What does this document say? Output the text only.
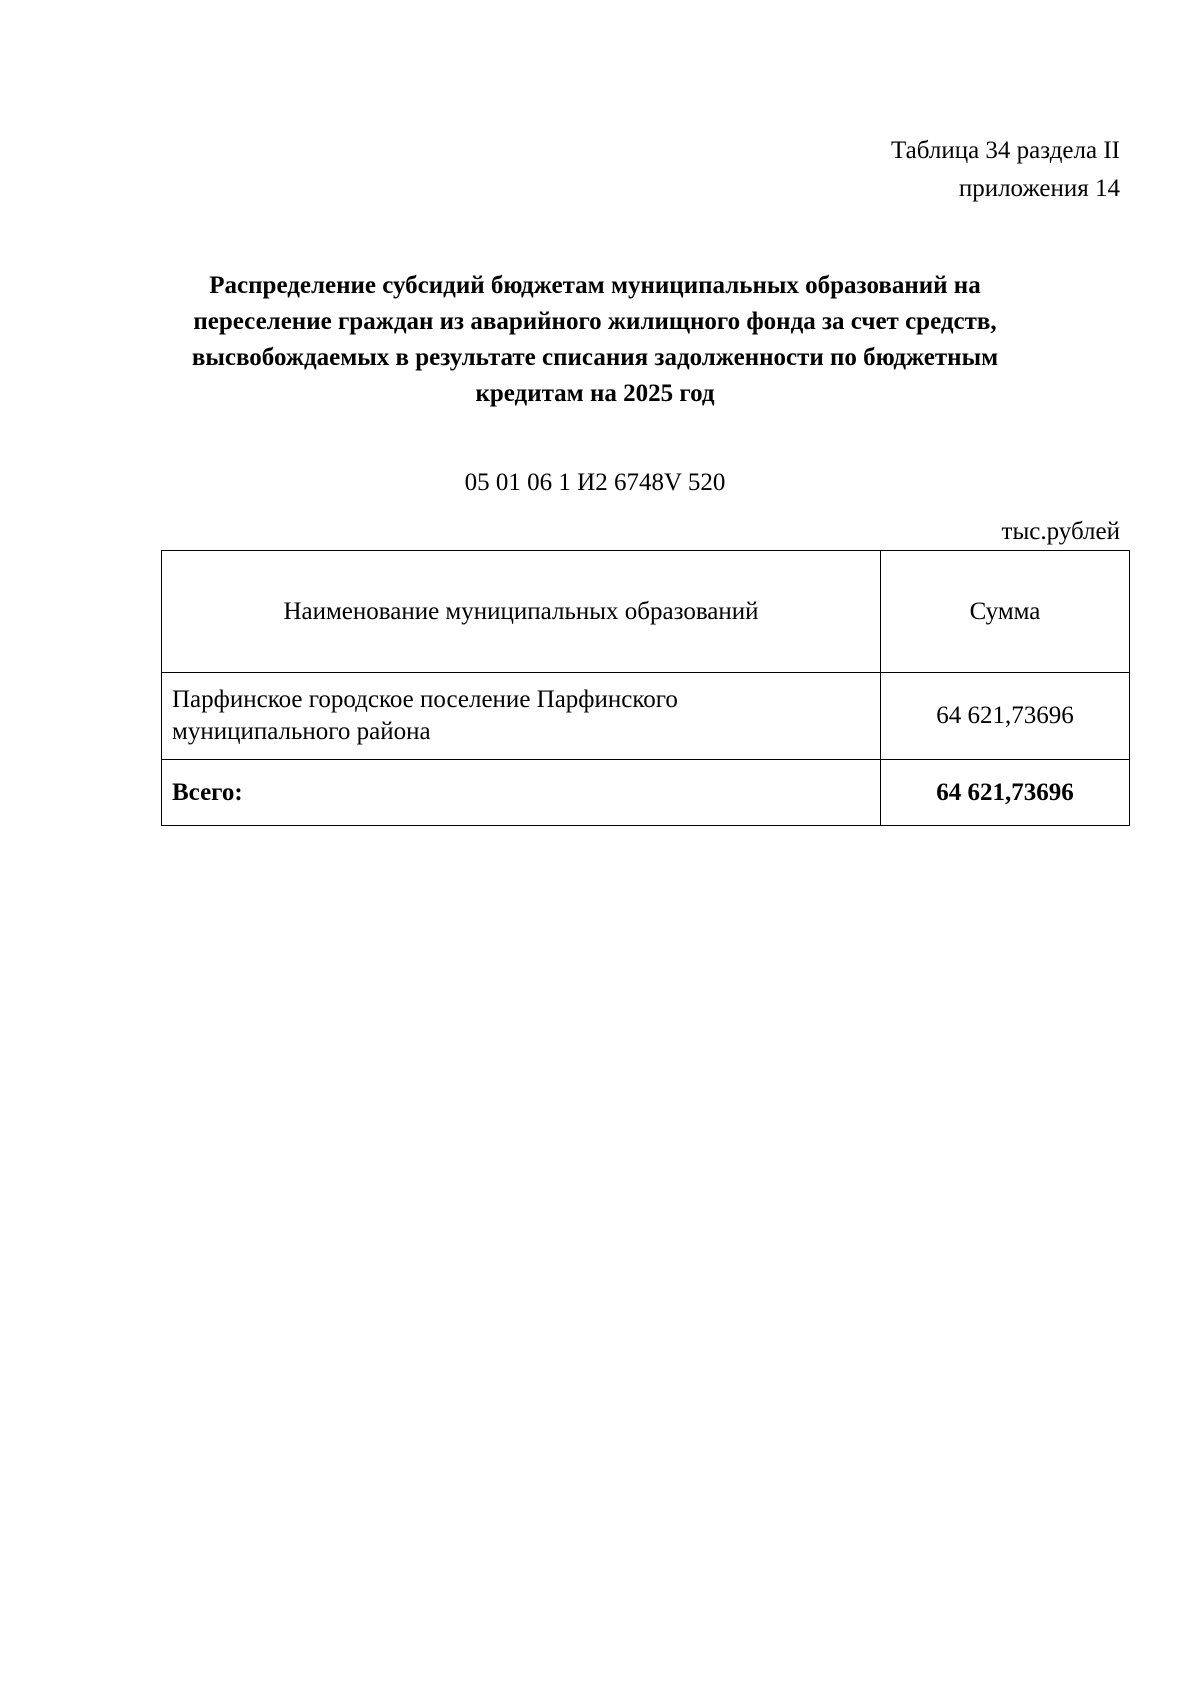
Таблица 34 раздела II
приложения 14
Распределение субсидий бюджетам муниципальных образований на
переселение граждан из аварийного жилищного фонда за счет средств,
высвобождаемых в результате списания задолженности по бюджетным
кредитам на 2025 год
05 01 06 1 И2 6748V 520
тыс.рублей
Наименование муниципальных образований	Сумма

Парфинское городское поселение Парфинского
муниципального района	64 621,73696
Всего:	64 621,73696
